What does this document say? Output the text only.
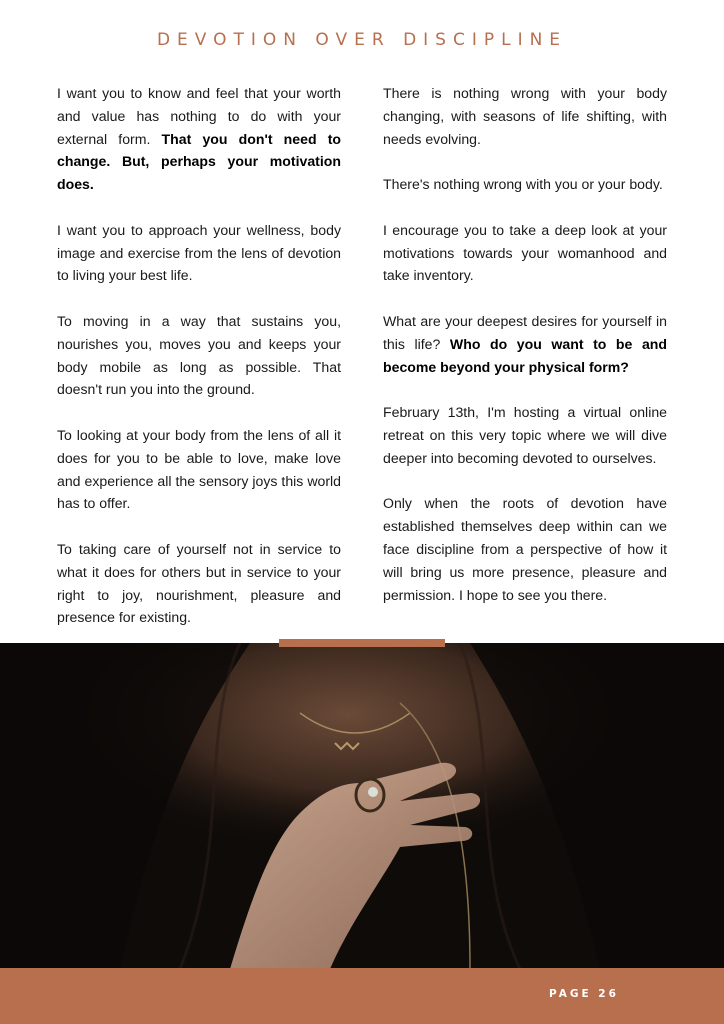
DEVOTION OVER DISCIPLINE

I want you to know and feel that your worth and value has nothing to do with your external form. That you don't need to change. But, perhaps your motivation does.

I want you to approach your wellness, body image and exercise from the lens of devotion to living your best life.

To moving in a way that sustains you, nourishes you, moves you and keeps your body mobile as long as possible. That doesn't run you into the ground.

To looking at your body from the lens of all it does for you to be able to love, make love and experience all the sensory joys this world has to offer.

To taking care of yourself not in service to what it does for others but in service to your right to joy, nourishment, pleasure and presence for existing.

There is nothing wrong with your body changing, with seasons of life shifting, with needs evolving.

There's nothing wrong with you or your body.

I encourage you to take a deep look at your motivations towards your womanhood and take inventory.

What are your deepest desires for yourself in this life? Who do you want to be and become beyond your physical form?

February 13th, I'm hosting a virtual online retreat on this very topic where we will dive deeper into becoming devoted to ourselves.

Only when the roots of devotion have established themselves deep within can we face discipline from a perspective of how it will bring us more presence, pleasure and permission. I hope to see you there.

PAGE 26
